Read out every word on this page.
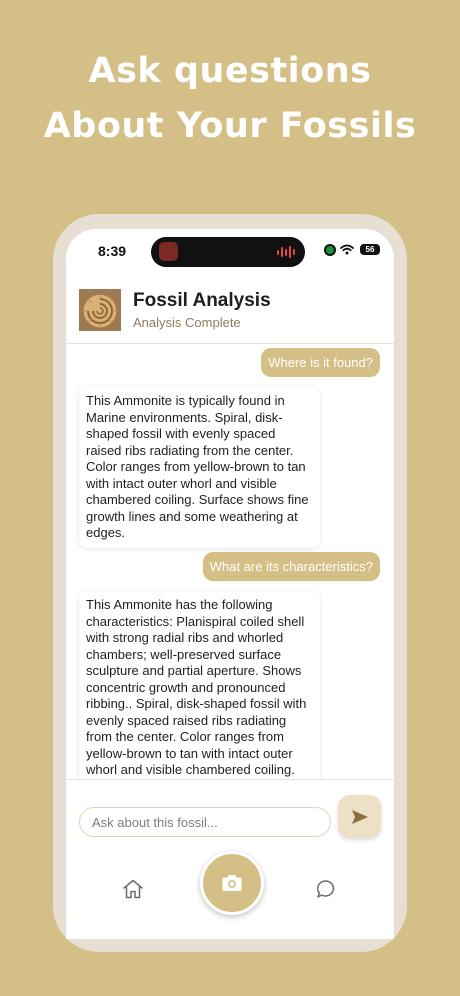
Ask questions
About Your Fossils
8:39	56
Fossil Analysis
Analysis Complete
Where is it found?
This Ammonite is typically found in Marine environments. Spiral, disk-shaped fossil with evenly spaced raised ribs radiating from the center. Color ranges from yellow-brown to tan with intact outer whorl and visible chambered coiling. Surface shows fine growth lines and some weathering at edges.
What are its characteristics?
This Ammonite has the following characteristics: Planispiral coiled shell with strong radial ribs and whorled chambers; well-preserved surface sculpture and partial aperture. Shows concentric growth and pronounced ribbing.. Spiral, disk-shaped fossil with evenly spaced raised ribs radiating from the center. Color ranges from yellow-brown to tan with intact outer whorl and visible chambered coiling.
Ask about this fossil...
